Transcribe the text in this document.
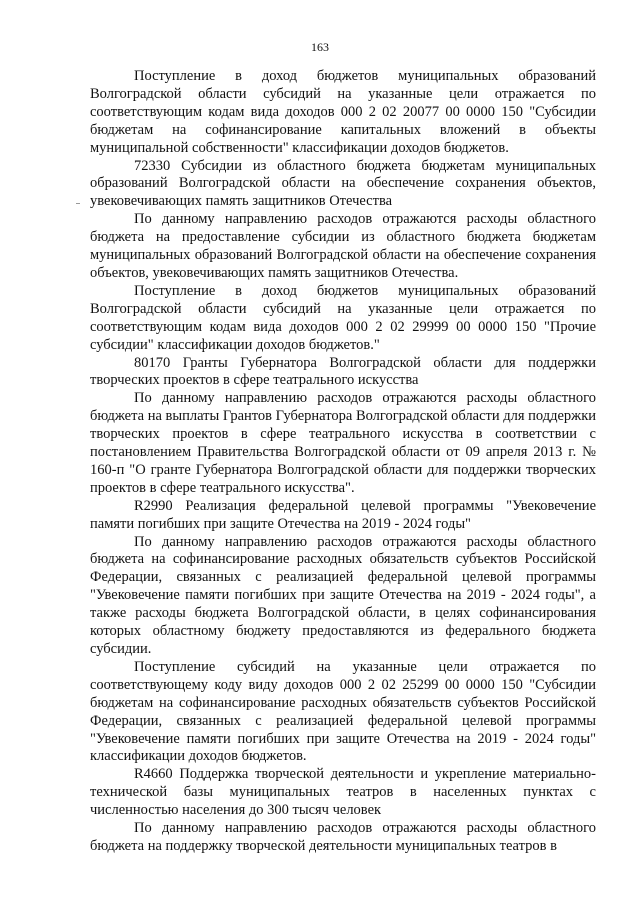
163

Поступление в доход бюджетов муниципальных образований Волгоградской области субсидий на указанные цели отражается по соответствующим кодам вида доходов 000 2 02 20077 00 0000 150 "Субсидии бюджетам на софинансирование капитальных вложений в объекты муниципальной собственности" классификации доходов бюджетов.

72330 Субсидии из областного бюджета бюджетам муниципальных образований Волгоградской области на обеспечение сохранения объектов, увековечивающих память защитников Отечества

По данному направлению расходов отражаются расходы областного бюджета на предоставление субсидии из областного бюджета бюджетам муниципальных образований Волгоградской области на обеспечение сохранения объектов, увековечивающих память защитников Отечества.

Поступление в доход бюджетов муниципальных образований Волгоградской области субсидий на указанные цели отражается по соответствующим кодам вида доходов 000 2 02 29999 00 0000 150 "Прочие субсидии" классификации доходов бюджетов."

80170 Гранты Губернатора Волгоградской области для поддержки творческих проектов в сфере театрального искусства

По данному направлению расходов отражаются расходы областного бюджета на выплаты Грантов Губернатора Волгоградской области для поддержки творческих проектов в сфере театрального искусства в соответствии с постановлением Правительства Волгоградской области от 09 апреля 2013 г. № 160-п "О гранте Губернатора Волгоградской области для поддержки творческих проектов в сфере театрального искусства".

R2990 Реализация федеральной целевой программы "Увековечение памяти погибших при защите Отечества на 2019 - 2024 годы"

По данному направлению расходов отражаются расходы областного бюджета на софинансирование расходных обязательств субъектов Российской Федерации, связанных с реализацией федеральной целевой программы "Увековечение памяти погибших при защите Отечества на 2019 - 2024 годы", а также расходы бюджета Волгоградской области, в целях софинансирования которых областному бюджету предоставляются из федерального бюджета субсидии.

Поступление субсидий на указанные цели отражается по соответствующему коду виду доходов 000 2 02 25299 00 0000 150 "Субсидии бюджетам на софинансирование расходных обязательств субъектов Российской Федерации, связанных с реализацией федеральной целевой программы "Увековечение памяти погибших при защите Отечества на 2019 - 2024 годы" классификации доходов бюджетов.

R4660 Поддержка творческой деятельности и укрепление материально-технической базы муниципальных театров в населенных пунктах с численностью населения до 300 тысяч человек

По данному направлению расходов отражаются расходы областного бюджета на поддержку творческой деятельности муниципальных театров в
